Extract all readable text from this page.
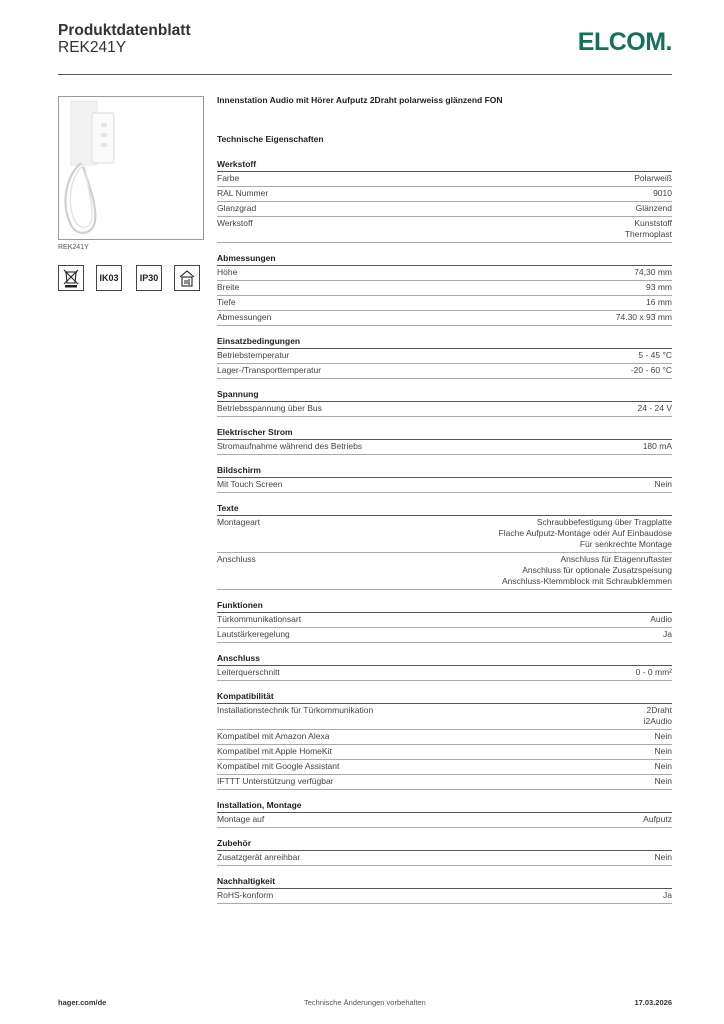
Produktdatenblatt
REK241Y	ELCOM.
REK241Y
IK03	IP30
Innenstation Audio mit Hörer Aufputz 2Draht polarweiss glänzend FON
Technische Eigenschaften
Werkstoff
Farbe	Polarweiß
RAL Nummer	9010
Glanzgrad	Glänzend
Werkstoff	Kunststoff
Thermoplast
Abmessungen
Höhe	74,30 mm
Breite	93 mm
Tiefe	16 mm
Abmessungen	74.30 x 93 mm
Einsatzbedingungen
Betriebstemperatur	5 - 45 °C
Lager-/Transporttemperatur	-20 - 60 °C
Spannung
Betriebsspannung über Bus	24 - 24 V
Elektrischer Strom
Stromaufnahme während des Betriebs	180 mA
Bildschirm
Mit Touch Screen	Nein
Texte
Montageart	Schraubbefestigung über Tragplatte
Flache Aufputz-Montage oder Auf Einbaudose
Für senkrechte Montage
Anschluss	Anschluss für Etagenruftaster
Anschluss für optionale Zusatzspeisung
Anschluss-Klemmblock mit Schraubklemmen
Funktionen
Türkommunikationsart	Audio
Lautstärkeregelung	Ja
Anschluss
Leiterquerschnitt	0 - 0 mm²
Kompatibilität
Installationstechnik für Türkommunikation	2Draht
i2Audio
Kompatibel mit Amazon Alexa	Nein
Kompatibel mit Apple HomeKit	Nein
Kompatibel mit Google Assistant	Nein
IFTTT Unterstützung verfügbar	Nein
Installation, Montage
Montage auf	Aufputz
Zubehör
Zusatzgerät anreihbar	Nein
Nachhaltigkeit
RoHS-konform	Ja
hager.com/de	Technische Änderungen vorbehalten	17.03.2026
